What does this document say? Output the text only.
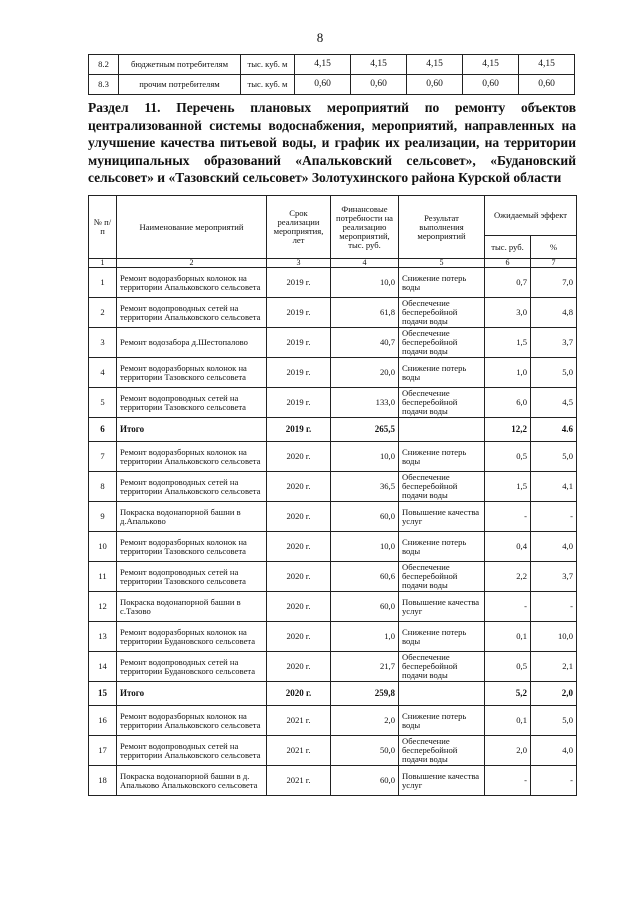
8
8.2	бюджетным потребителям	тыс. куб. м	4,15	4,15	4,15	4,15	4,15
8.3	прочим потребителям	тыс. куб. м	0,60	0,60	0,60	0,60	0,60

Раздел 11. Перечень плановых мероприятий по ремонту объектов централизованной системы водоснабжения, мероприятий, направленных на улучшение качества питьевой воды, и график их реализации, на территории муниципальных образований «Апальковский сельсовет», «Будановский сельсовет» и «Тазовский сельсовет» Золотухинского района Курской области

№ п/п	Наименование мероприятий	Срок реализации мероприятия, лет	Финансовые потребности на реализацию мероприятий, тыс. руб.	Результат выполнения мероприятий	Ожидаемый эффект	
					тыс. руб.	%
1	2	3	4	5	6	7
1	Ремонт водоразборных колонок на территории Апальковского сельсовета	2019 г.	10,0	Снижение потерь воды	0,7	7,0
2	Ремонт водопроводных сетей на территории Апальковского сельсовета	2019 г.	61,8	Обеспечение бесперебойной подачи воды	3,0	4,8
3	Ремонт водозабора д.Шестопалово	2019 г.	40,7	Обеспечение бесперебойной подачи воды	1,5	3,7
4	Ремонт водоразборных колонок на территории Тазовского сельсовета	2019 г.	20,0	Снижение потерь воды	1,0	5,0
5	Ремонт водопроводных сетей на территории Тазовского сельсовета	2019 г.	133,0	Обеспечение бесперебойной подачи воды	6,0	4,5
6	Итого	2019 г.	265,5		12,2	4.6
7	Ремонт водоразборных колонок на территории Апальковского сельсовета	2020 г.	10,0	Снижение потерь воды	0,5	5,0
8	Ремонт водопроводных сетей на территории Апальковского сельсовета	2020 г.	36,5	Обеспечение бесперебойной подачи воды	1,5	4,1
9	Покраска водонапорной башни в д.Апальково	2020 г.	60,0	Повышение качества услуг	-	-
10	Ремонт водоразборных колонок на территории Тазовского сельсовета	2020 г.	10,0	Снижение потерь воды	0,4	4,0
11	Ремонт водопроводных сетей на территории Тазовского сельсовета	2020 г.	60,6	Обеспечение бесперебойной подачи воды	2,2	3,7
12	Покраска водонапорной башни в с.Тазово	2020 г.	60,0	Повышение качества услуг	-	-
13	Ремонт водоразборных колонок на территории Будановского сельсовета	2020 г.	1,0	Снижение потерь воды	0,1	10,0
14	Ремонт водопроводных сетей на территории Будановского сельсовета	2020 г.	21,7	Обеспечение бесперебойной подачи воды	0,5	2,1
15	Итого	2020 г.	259,8		5,2	2,0
16	Ремонт водоразборных колонок на территории Апальковского сельсовета	2021 г.	2,0	Снижение потерь воды	0,1	5,0
17	Ремонт водопроводных сетей на территории Апальковского сельсовета	2021 г.	50,0	Обеспечение бесперебойной подачи воды	2,0	4,0
18	Покраска водонапорной башни в д. Апальково Апальковского сельсовета	2021 г.	60,0	Повышение качества услуг	-	-
